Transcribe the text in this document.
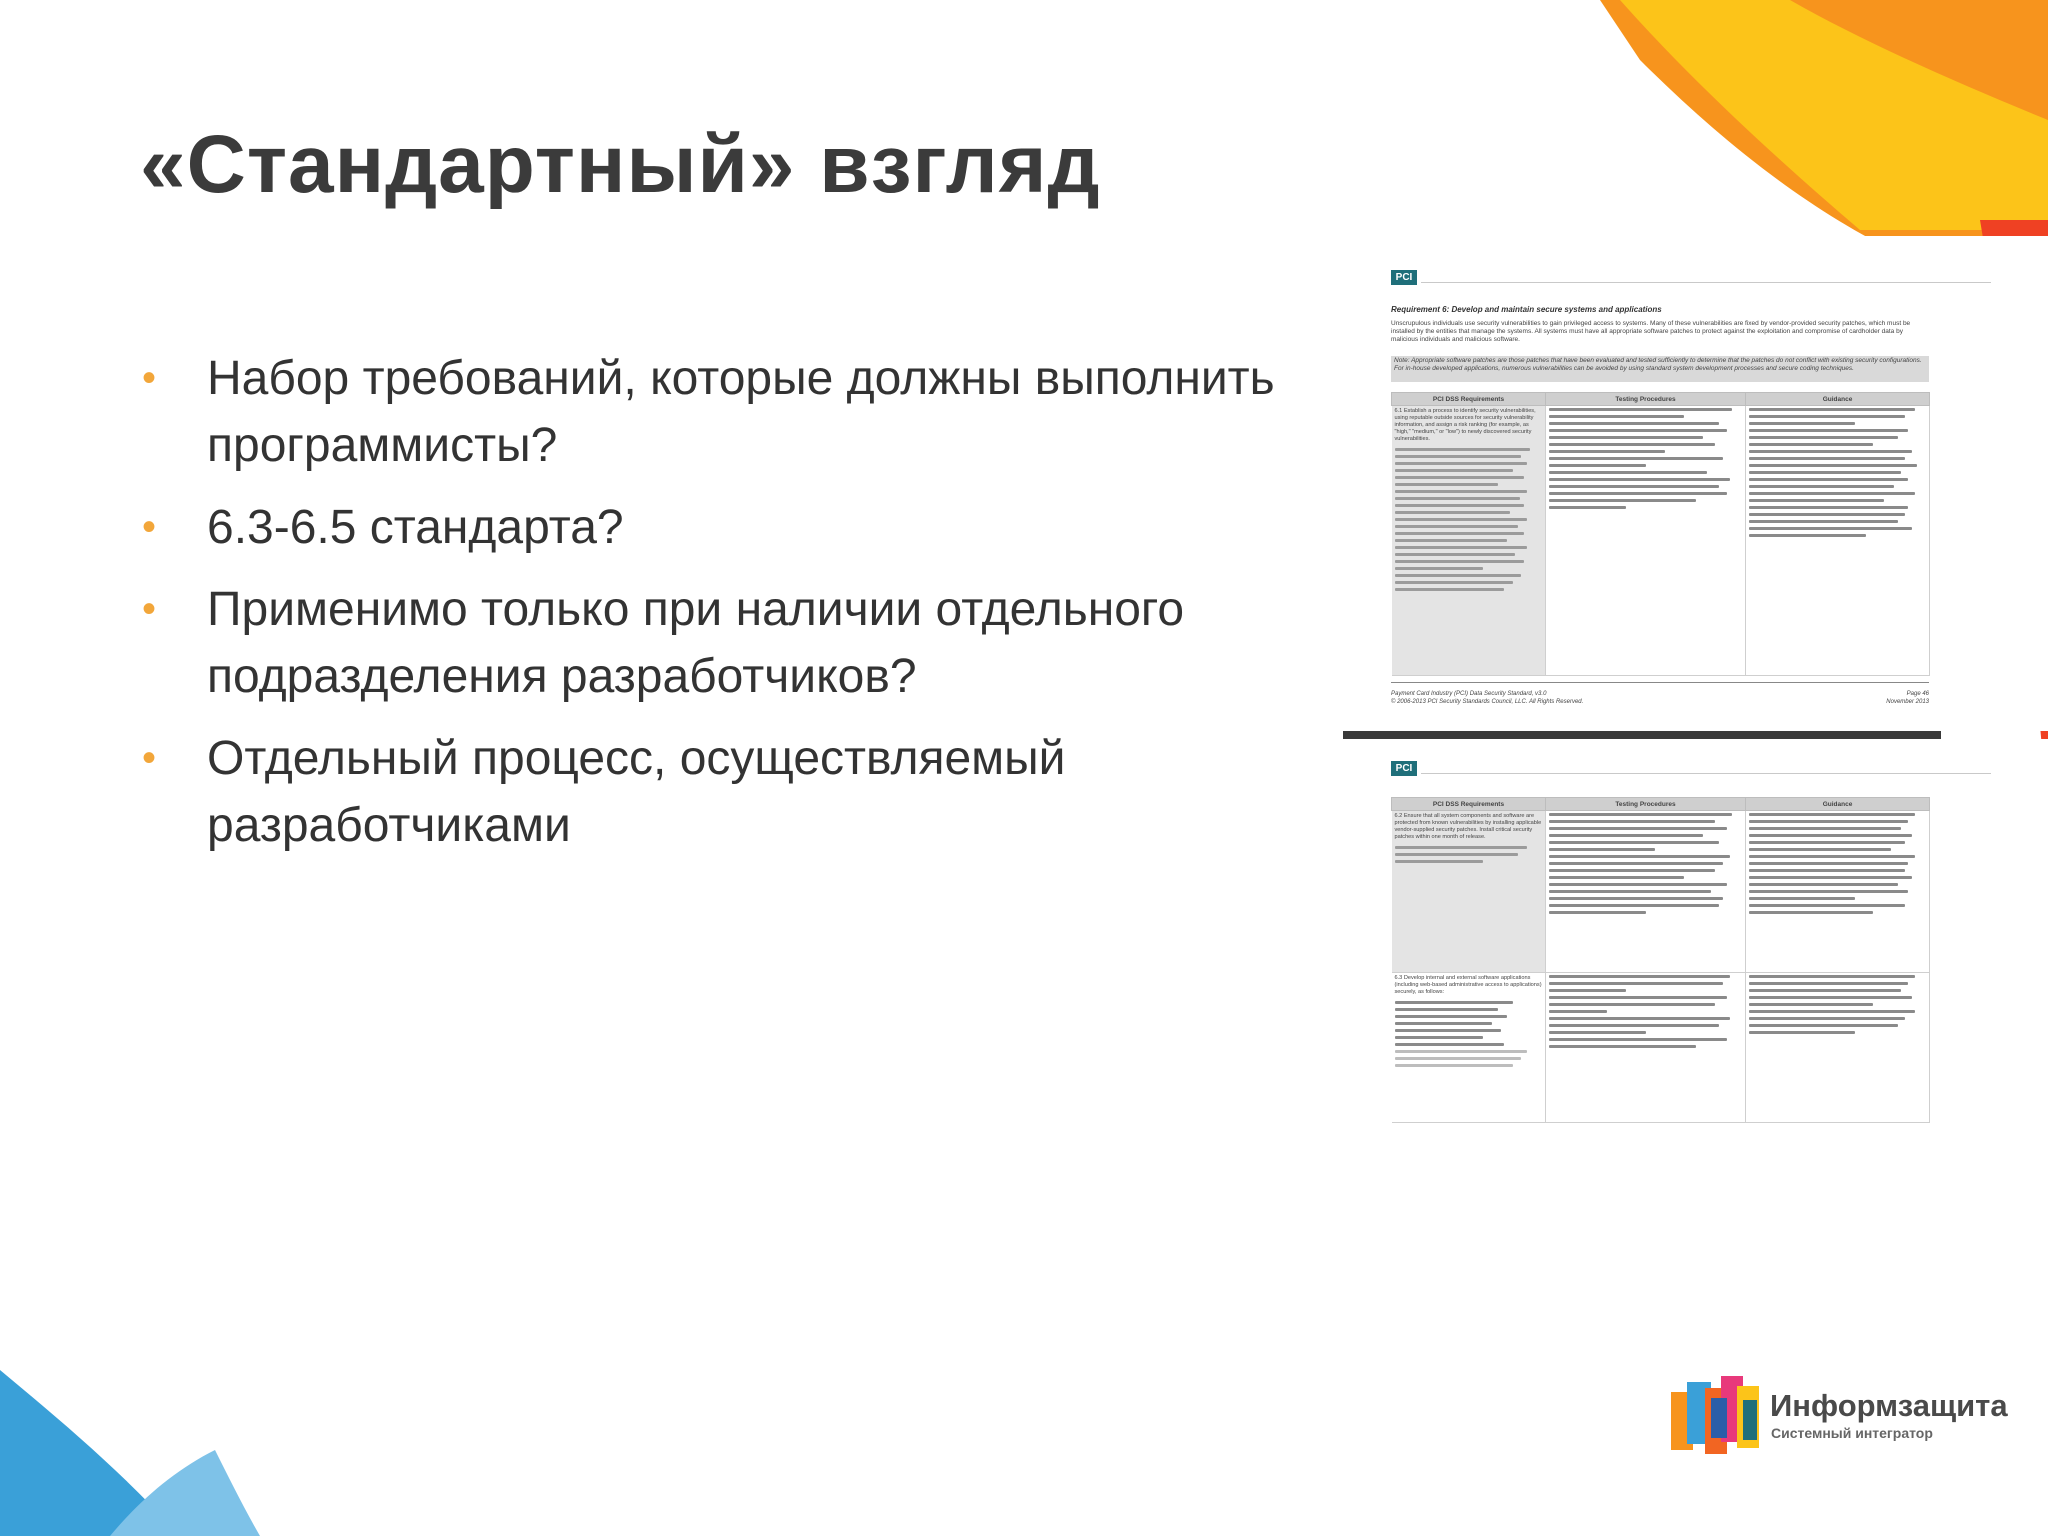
«Стандартный» взгляд
• Набор требований, которые должны выполнить программисты?
• 6.3-6.5 стандарта?
• Применимо только при наличии отдельного подразделения разработчиков?
• Отдельный процесс, осуществляемый разработчиками
PCI
Requirement 6: Develop and maintain secure systems and applications
Unscrupulous individuals use security vulnerabilities to gain privileged access to systems. Many of these vulnerabilities are fixed by vendor-provided security patches, which must be installed by the entities that manage the systems. All systems must have all appropriate software patches to protect against the exploitation and compromise of cardholder data by malicious individuals and malicious software.
Note: Appropriate software patches are those patches that have been evaluated and tested sufficiently to determine that the patches do not conflict with existing security configurations. For in-house developed applications, numerous vulnerabilities can be avoided by using standard system development processes and secure coding techniques.
PCI DSS Requirements	Testing Procedures	Guidance

6.1 Establish a process to identify security vulnerabilities, using reputable outside sources for security vulnerability information, and assign a risk ranking (for example, as "high," "medium," or "low") to newly discovered security vulnerabilities.		

Payment Card Industry (PCI) Data Security Standard, v3.0
© 2006-2013 PCI Security Standards Council, LLC. All Rights Reserved.
Page 46
November 2013
PCI
PCI DSS Requirements	Testing Procedures	Guidance

6.2 Ensure that all system components and software are protected from known vulnerabilities by installing applicable vendor-supplied security patches. Install critical security patches within one month of release.		

6.3 Develop internal and external software applications (including web-based administrative access to applications) securely, as follows:		

Информзащита
Системный интегратор
